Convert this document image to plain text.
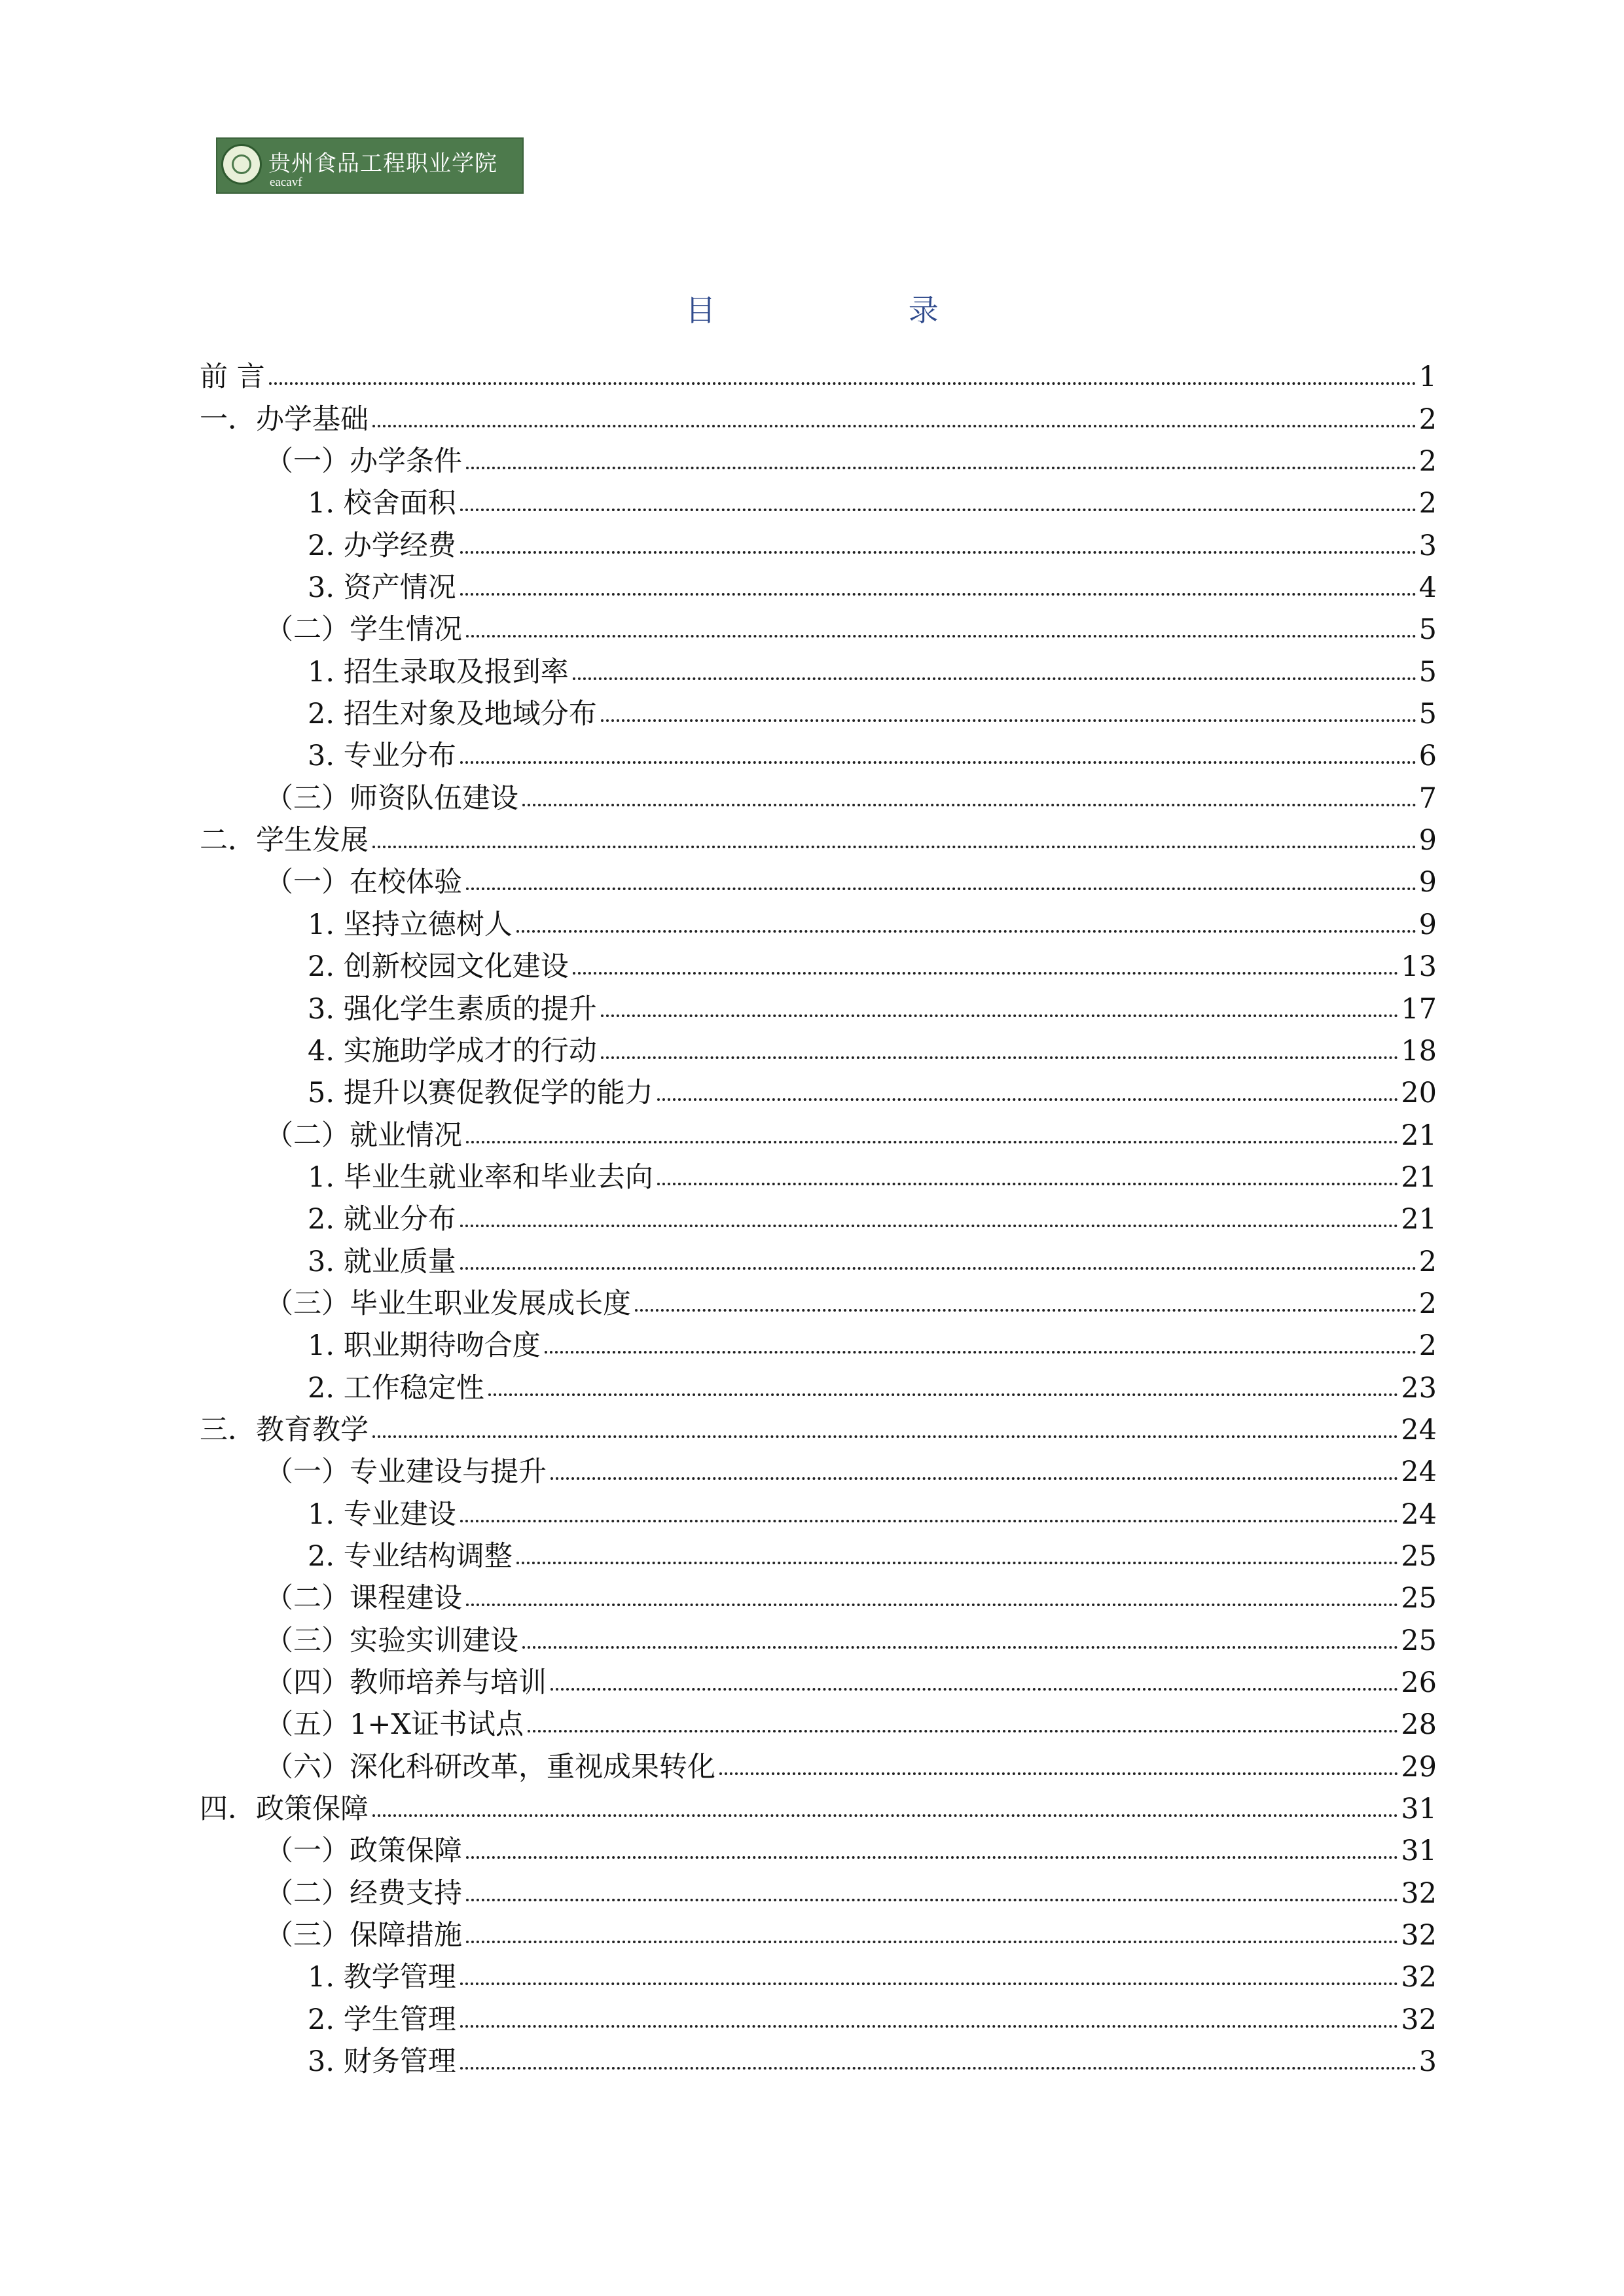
贵州食品工程职业学院
eacavf
目 录
前 言	1
一．办学基础	2
（一）办学条件	2
1. 校舍面积	2
2. 办学经费	3
3. 资产情况	4
（二）学生情况	5
1. 招生录取及报到率	5
2. 招生对象及地域分布	5
3. 专业分布	6
（三）师资队伍建设	7
二．学生发展	9
（一）在校体验	9
1. 坚持立德树人	9
2. 创新校园文化建设	13
3. 强化学生素质的提升	17
4. 实施助学成才的行动	18
5. 提升以赛促教促学的能力	20
（二）就业情况	21
1. 毕业生就业率和毕业去向	21
2. 就业分布	21
3. 就业质量	2
（三）毕业生职业发展成长度	2
1. 职业期待吻合度	2
2. 工作稳定性	23
三．教育教学	24
（一）专业建设与提升	24
1. 专业建设	24
2. 专业结构调整	25
（二）课程建设	25
（三）实验实训建设	25
（四）教师培养与培训	26
（五）1+X证书试点	28
（六）深化科研改革，重视成果转化	29
四．政策保障	31
（一）政策保障	31
（二）经费支持	32
（三）保障措施	32
1. 教学管理	32
2. 学生管理	32
3. 财务管理	3
